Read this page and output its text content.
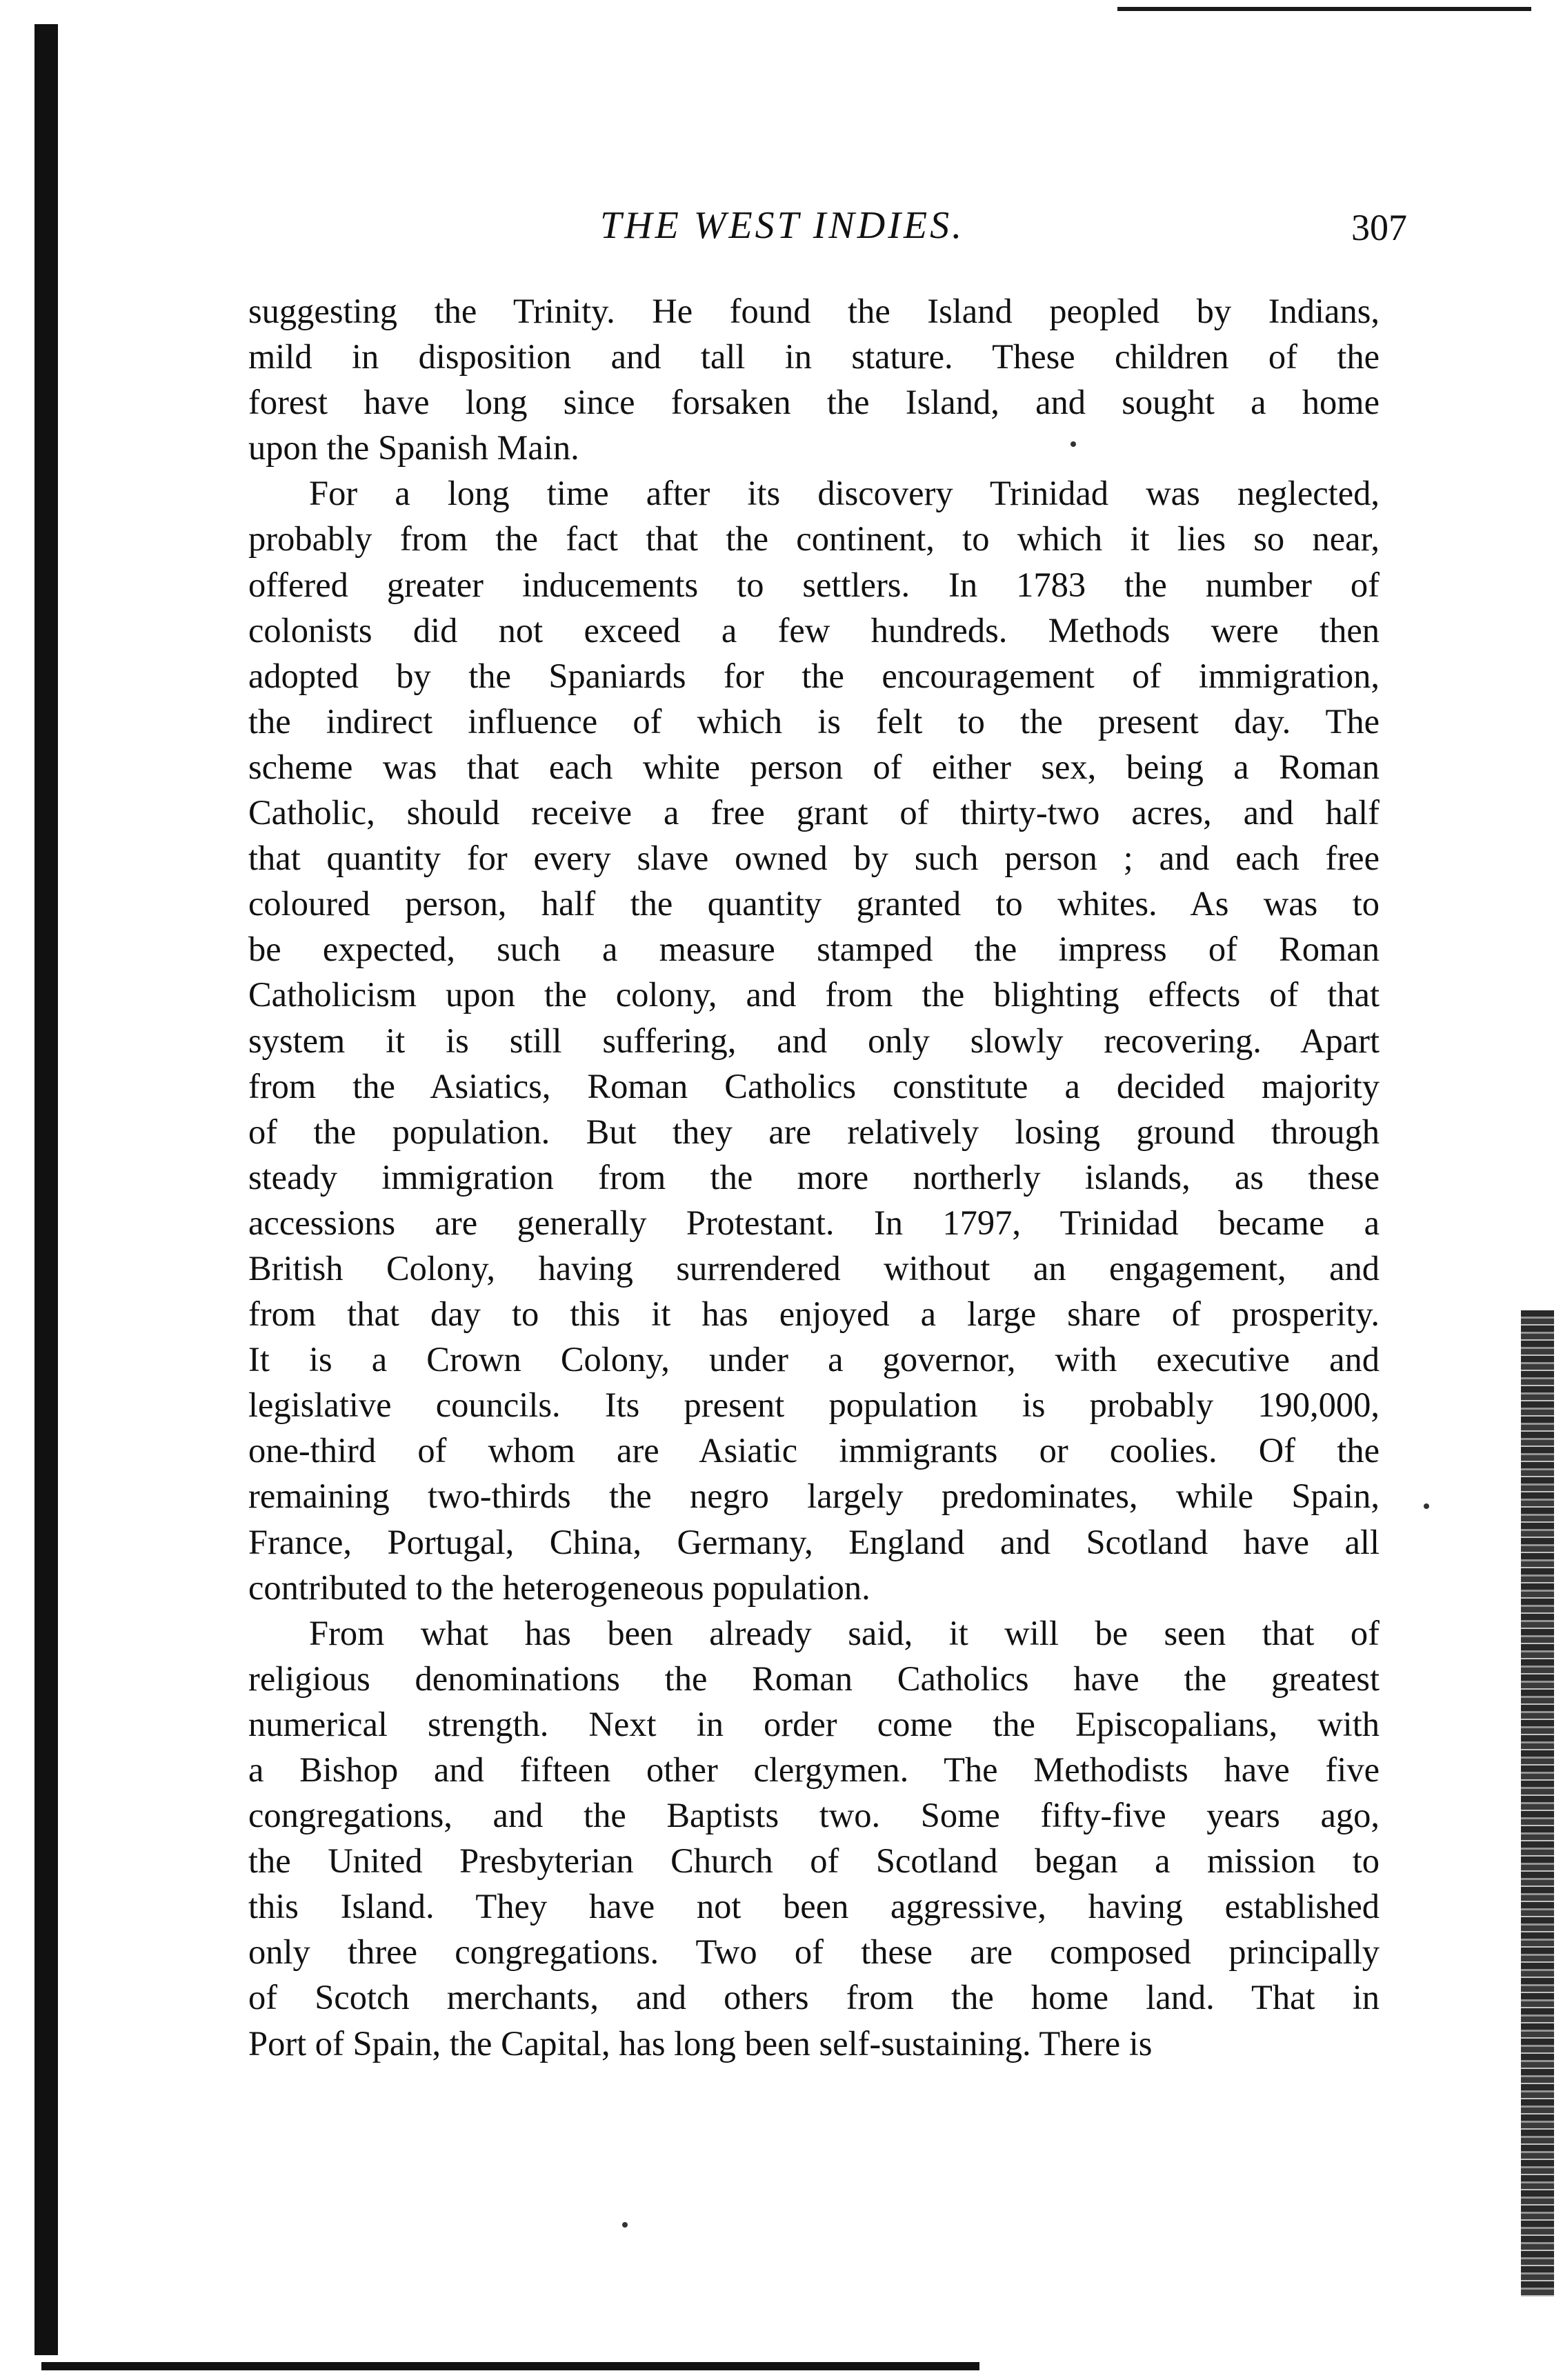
THE WEST INDIES.	307
suggesting the Trinity. He found the Island peopled by Indians,
mild in disposition and tall in stature. These children of the
forest have long since forsaken the Island, and sought a home
upon the Spanish Main.
For a long time after its discovery Trinidad was neglected,
probably from the fact that the continent, to which it lies so near,
offered greater inducements to settlers. In 1783 the number of
colonists did not exceed a few hundreds. Methods were then
adopted by the Spaniards for the encouragement of immigration,
the indirect influence of which is felt to the present day. The
scheme was that each white person of either sex, being a Roman
Catholic, should receive a free grant of thirty-two acres, and half
that quantity for every slave owned by such person ; and each free
coloured person, half the quantity granted to whites. As was to
be expected, such a measure stamped the impress of Roman
Catholicism upon the colony, and from the blighting effects of that
system it is still suffering, and only slowly recovering. Apart
from the Asiatics, Roman Catholics constitute a decided majority
of the population. But they are relatively losing ground through
steady immigration from the more northerly islands, as these
accessions are generally Protestant. In 1797, Trinidad became a
British Colony, having surrendered without an engagement, and
from that day to this it has enjoyed a large share of prosperity.
It is a Crown Colony, under a governor, with executive and
legislative councils. Its present population is probably 190,000,
one-third of whom are Asiatic immigrants or coolies. Of the
remaining two-thirds the negro largely predominates, while Spain,
France, Portugal, China, Germany, England and Scotland have all
contributed to the heterogeneous population.
From what has been already said, it will be seen that of
religious denominations the Roman Catholics have the greatest
numerical strength. Next in order come the Episcopalians, with
a Bishop and fifteen other clergymen. The Methodists have five
congregations, and the Baptists two. Some fifty-five years ago,
the United Presbyterian Church of Scotland began a mission to
this Island. They have not been aggressive, having established
only three congregations. Two of these are composed principally
of Scotch merchants, and others from the home land. That in
Port of Spain, the Capital, has long been self-sustaining. There is
